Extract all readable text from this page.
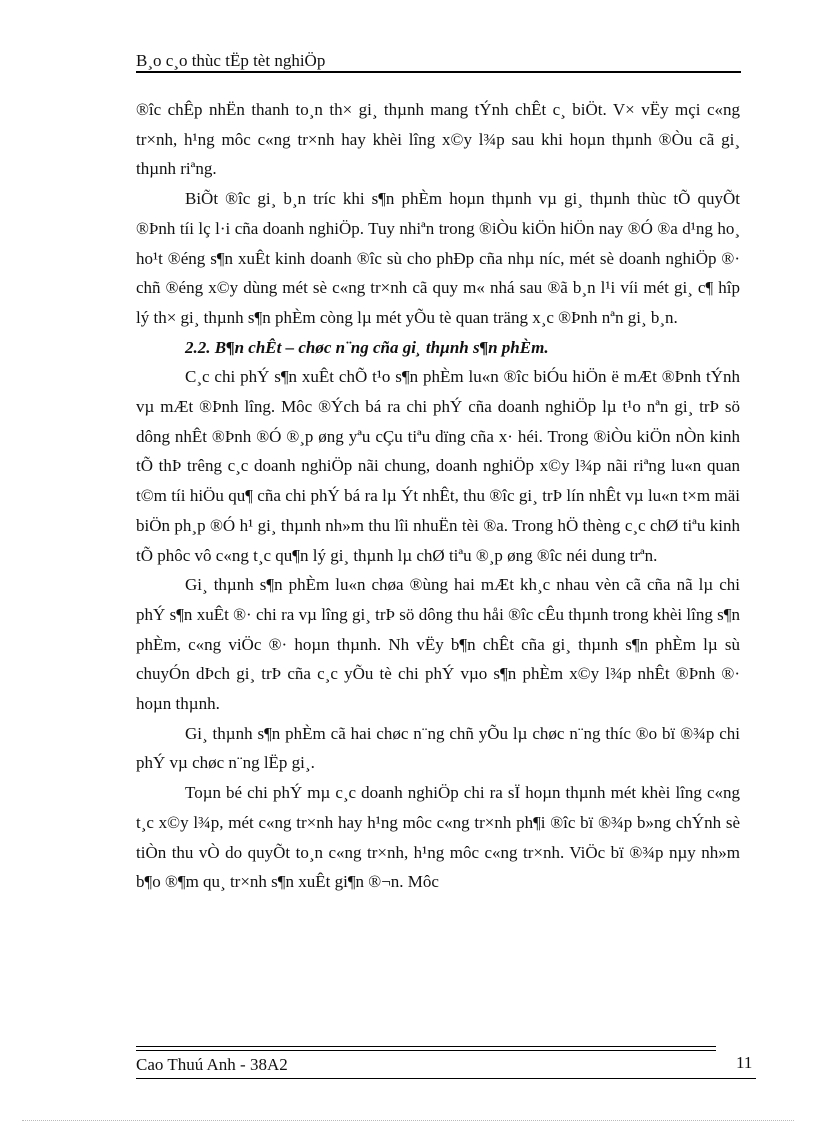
B¸o c¸o thùc tËp tèt nghiÖp

®îc chÊp nhËn thanh to¸n th× gi¸ thµnh mang tÝnh chÊt c¸ biÖt. V× vËy mçi c«ng tr×nh, h¹ng môc c«ng tr×nh hay khèi lîng x©y l¾p sau khi hoµn thµnh ®Òu cã gi¸ thµnh riªng.

BiÕt ®îc gi¸ b¸n tríc khi s¶n phÈm hoµn thµnh vµ gi¸ thµnh thùc tÕ quyÕt ®Þnh tíi lç l·i cña doanh nghiÖp. Tuy nhiªn trong ®iÒu kiÖn hiÖn nay ®Ó ®a d¹ng ho¸ ho¹t ®éng s¶n xuÊt kinh doanh ®îc sù cho phÐp cña nhµ níc, mét sè doanh nghiÖp ®· chñ ®éng x©y dùng mét sè c«ng tr×nh cã quy m« nhá sau ®ã b¸n l¹i víi mét gi¸ c¶ hîp lý th× gi¸ thµnh s¶n phÈm còng lµ mét yÕu tè quan träng x¸c ®Þnh nªn gi¸ b¸n.

2.2. B¶n chÊt – chøc n¨ng cña gi¸ thµnh s¶n phÈm.

C¸c chi phÝ s¶n xuÊt chÕ t¹o s¶n phÈm lu«n ®îc biÓu hiÖn ë mÆt ®Þnh tÝnh vµ mÆt ®Þnh lîng. Môc ®Ých bá ra chi phÝ cña doanh nghiÖp lµ t¹o nªn gi¸ trÞ sö dông nhÊt ®Þnh ®Ó ®¸p øng yªu cÇu tiªu dïng cña x· héi. Trong ®iÒu kiÖn nÒn kinh tÕ thÞ trêng c¸c doanh nghiÖp nãi chung, doanh nghiÖp x©y l¾p nãi riªng lu«n quan t©m tíi hiÖu qu¶ cña chi phÝ bá ra lµ Ýt nhÊt, thu ®îc gi¸ trÞ lín nhÊt vµ lu«n t×m mäi biÖn ph¸p ®Ó h¹ gi¸ thµnh nh»m thu lîi nhuËn tèi ®a. Trong hÖ thèng c¸c chØ tiªu kinh tÕ phôc vô c«ng t¸c qu¶n lý gi¸ thµnh lµ chØ tiªu ®¸p øng ®îc néi dung trªn.

Gi¸ thµnh s¶n phÈm lu«n chøa ®ùng hai mÆt kh¸c nhau vèn cã cña nã lµ chi phÝ s¶n xuÊt ®· chi ra vµ lîng gi¸ trÞ sö dông thu håi ®îc cÊu thµnh trong khèi lîng s¶n phÈm, c«ng viÖc ®· hoµn thµnh. Nh vËy b¶n chÊt cña gi¸ thµnh s¶n phÈm lµ sù chuyÓn dÞch gi¸ trÞ cña c¸c yÕu tè chi phÝ vµo s¶n phÈm x©y l¾p nhÊt ®Þnh ®· hoµn thµnh.

Gi¸ thµnh s¶n phÈm cã hai chøc n¨ng chñ yÕu lµ chøc n¨ng thíc ®o bï ®¾p chi phÝ vµ chøc n¨ng lËp gi¸.

Toµn bé chi phÝ mµ c¸c doanh nghiÖp chi ra sÏ hoµn thµnh mét khèi lîng c«ng t¸c x©y l¾p, mét c«ng tr×nh hay h¹ng môc c«ng tr×nh ph¶i ®îc bï ®¾p b»ng chÝnh sè tiÒn thu vÒ do quyÕt to¸n c«ng tr×nh, h¹ng môc c«ng tr×nh. ViÖc bï ®¾p nµy nh»m b¶o ®¶m qu¸ tr×nh s¶n xuÊt gi¶n ®¬n. Môc

Cao Thuú Anh - 38A2	11
